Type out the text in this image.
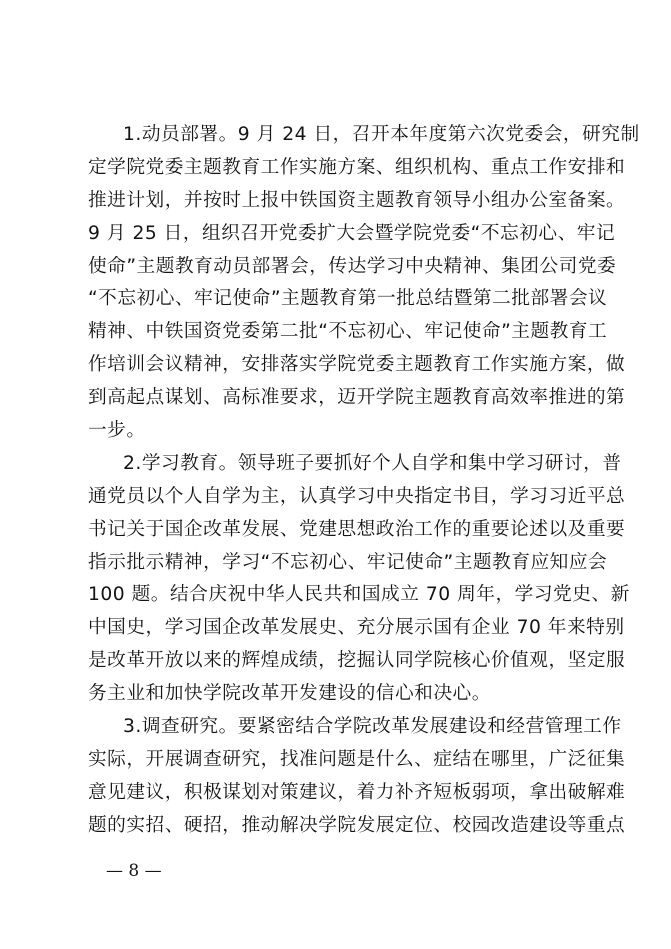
1.动员部署。9 月 24 日，召开本年度第六次党委会，研究制
定学院党委主题教育工作实施方案、组织机构、重点工作安排和
推进计划，并按时上报中铁国资主题教育领导小组办公室备案。
9 月 25 日，组织召开党委扩大会暨学院党委“不忘初心、牢记
使命”主题教育动员部署会，传达学习中央精神、集团公司党委
“不忘初心、牢记使命”主题教育第一批总结暨第二批部署会议
精神、中铁国资党委第二批“不忘初心、牢记使命”主题教育工
作培训会议精神，安排落实学院党委主题教育工作实施方案，做
到高起点谋划、高标准要求，迈开学院主题教育高效率推进的第
一步。
2.学习教育。领导班子要抓好个人自学和集中学习研讨，普
通党员以个人自学为主，认真学习中央指定书目，学习习近平总
书记关于国企改革发展、党建思想政治工作的重要论述以及重要
指示批示精神，学习“不忘初心、牢记使命”主题教育应知应会
100 题。结合庆祝中华人民共和国成立 70 周年，学习党史、新
中国史，学习国企改革发展史、充分展示国有企业 70 年来特别
是改革开放以来的辉煌成绩，挖掘认同学院核心价值观，坚定服
务主业和加快学院改革开发建设的信心和决心。
3.调查研究。要紧密结合学院改革发展建设和经营管理工作
实际，开展调查研究，找准问题是什么、症结在哪里，广泛征集
意见建议，积极谋划对策建议，着力补齐短板弱项，拿出破解难
题的实招、硬招，推动解决学院发展定位、校园改造建设等重点
— 8 —
